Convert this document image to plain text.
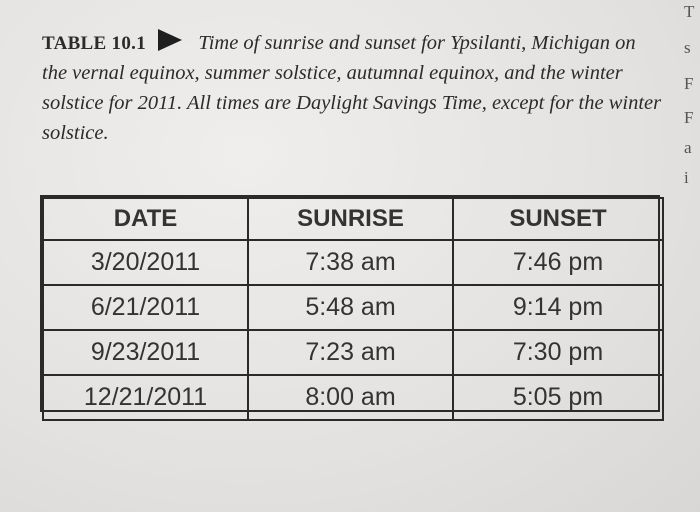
TABLE 10.1	Time of sunrise and sunset for Ypsilanti, Michigan on the vernal equinox, summer solstice, autumnal equinox, and the winter solstice for 2011. All times are Daylight Savings Time, except for the winter solstice.
T
s
F
F
a
i
DATE	SUNRISE	SUNSET
3/20/2011	7:38 am	7:46 pm
6/21/2011	5:48 am	9:14 pm
9/23/2011	7:23 am	7:30 pm
12/21/2011	8:00 am	5:05 pm
